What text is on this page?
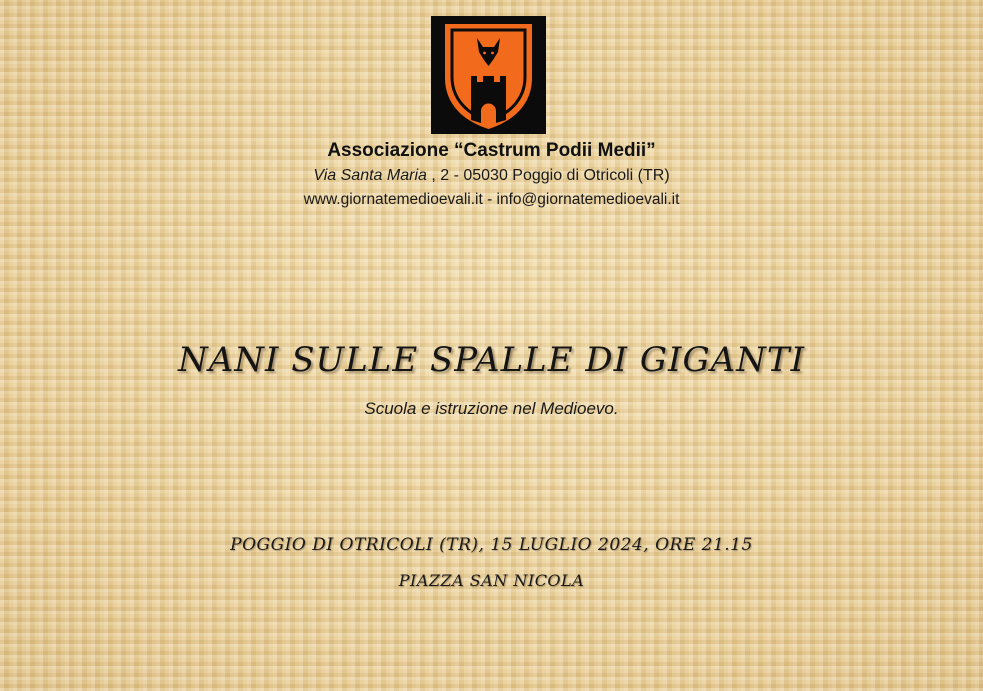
Associazione “Castrum Podii Medii”
Via Santa Maria , 2 - 05030 Poggio di Otricoli (TR)
www.giornatemedioevali.it - info@giornatemedioevali.it
NANI SULLE SPALLE DI GIGANTI
Scuola e istruzione nel Medioevo.
POGGIO DI OTRICOLI (TR), 15 LUGLIO 2024, ORE 21.15
PIAZZA SAN NICOLA
